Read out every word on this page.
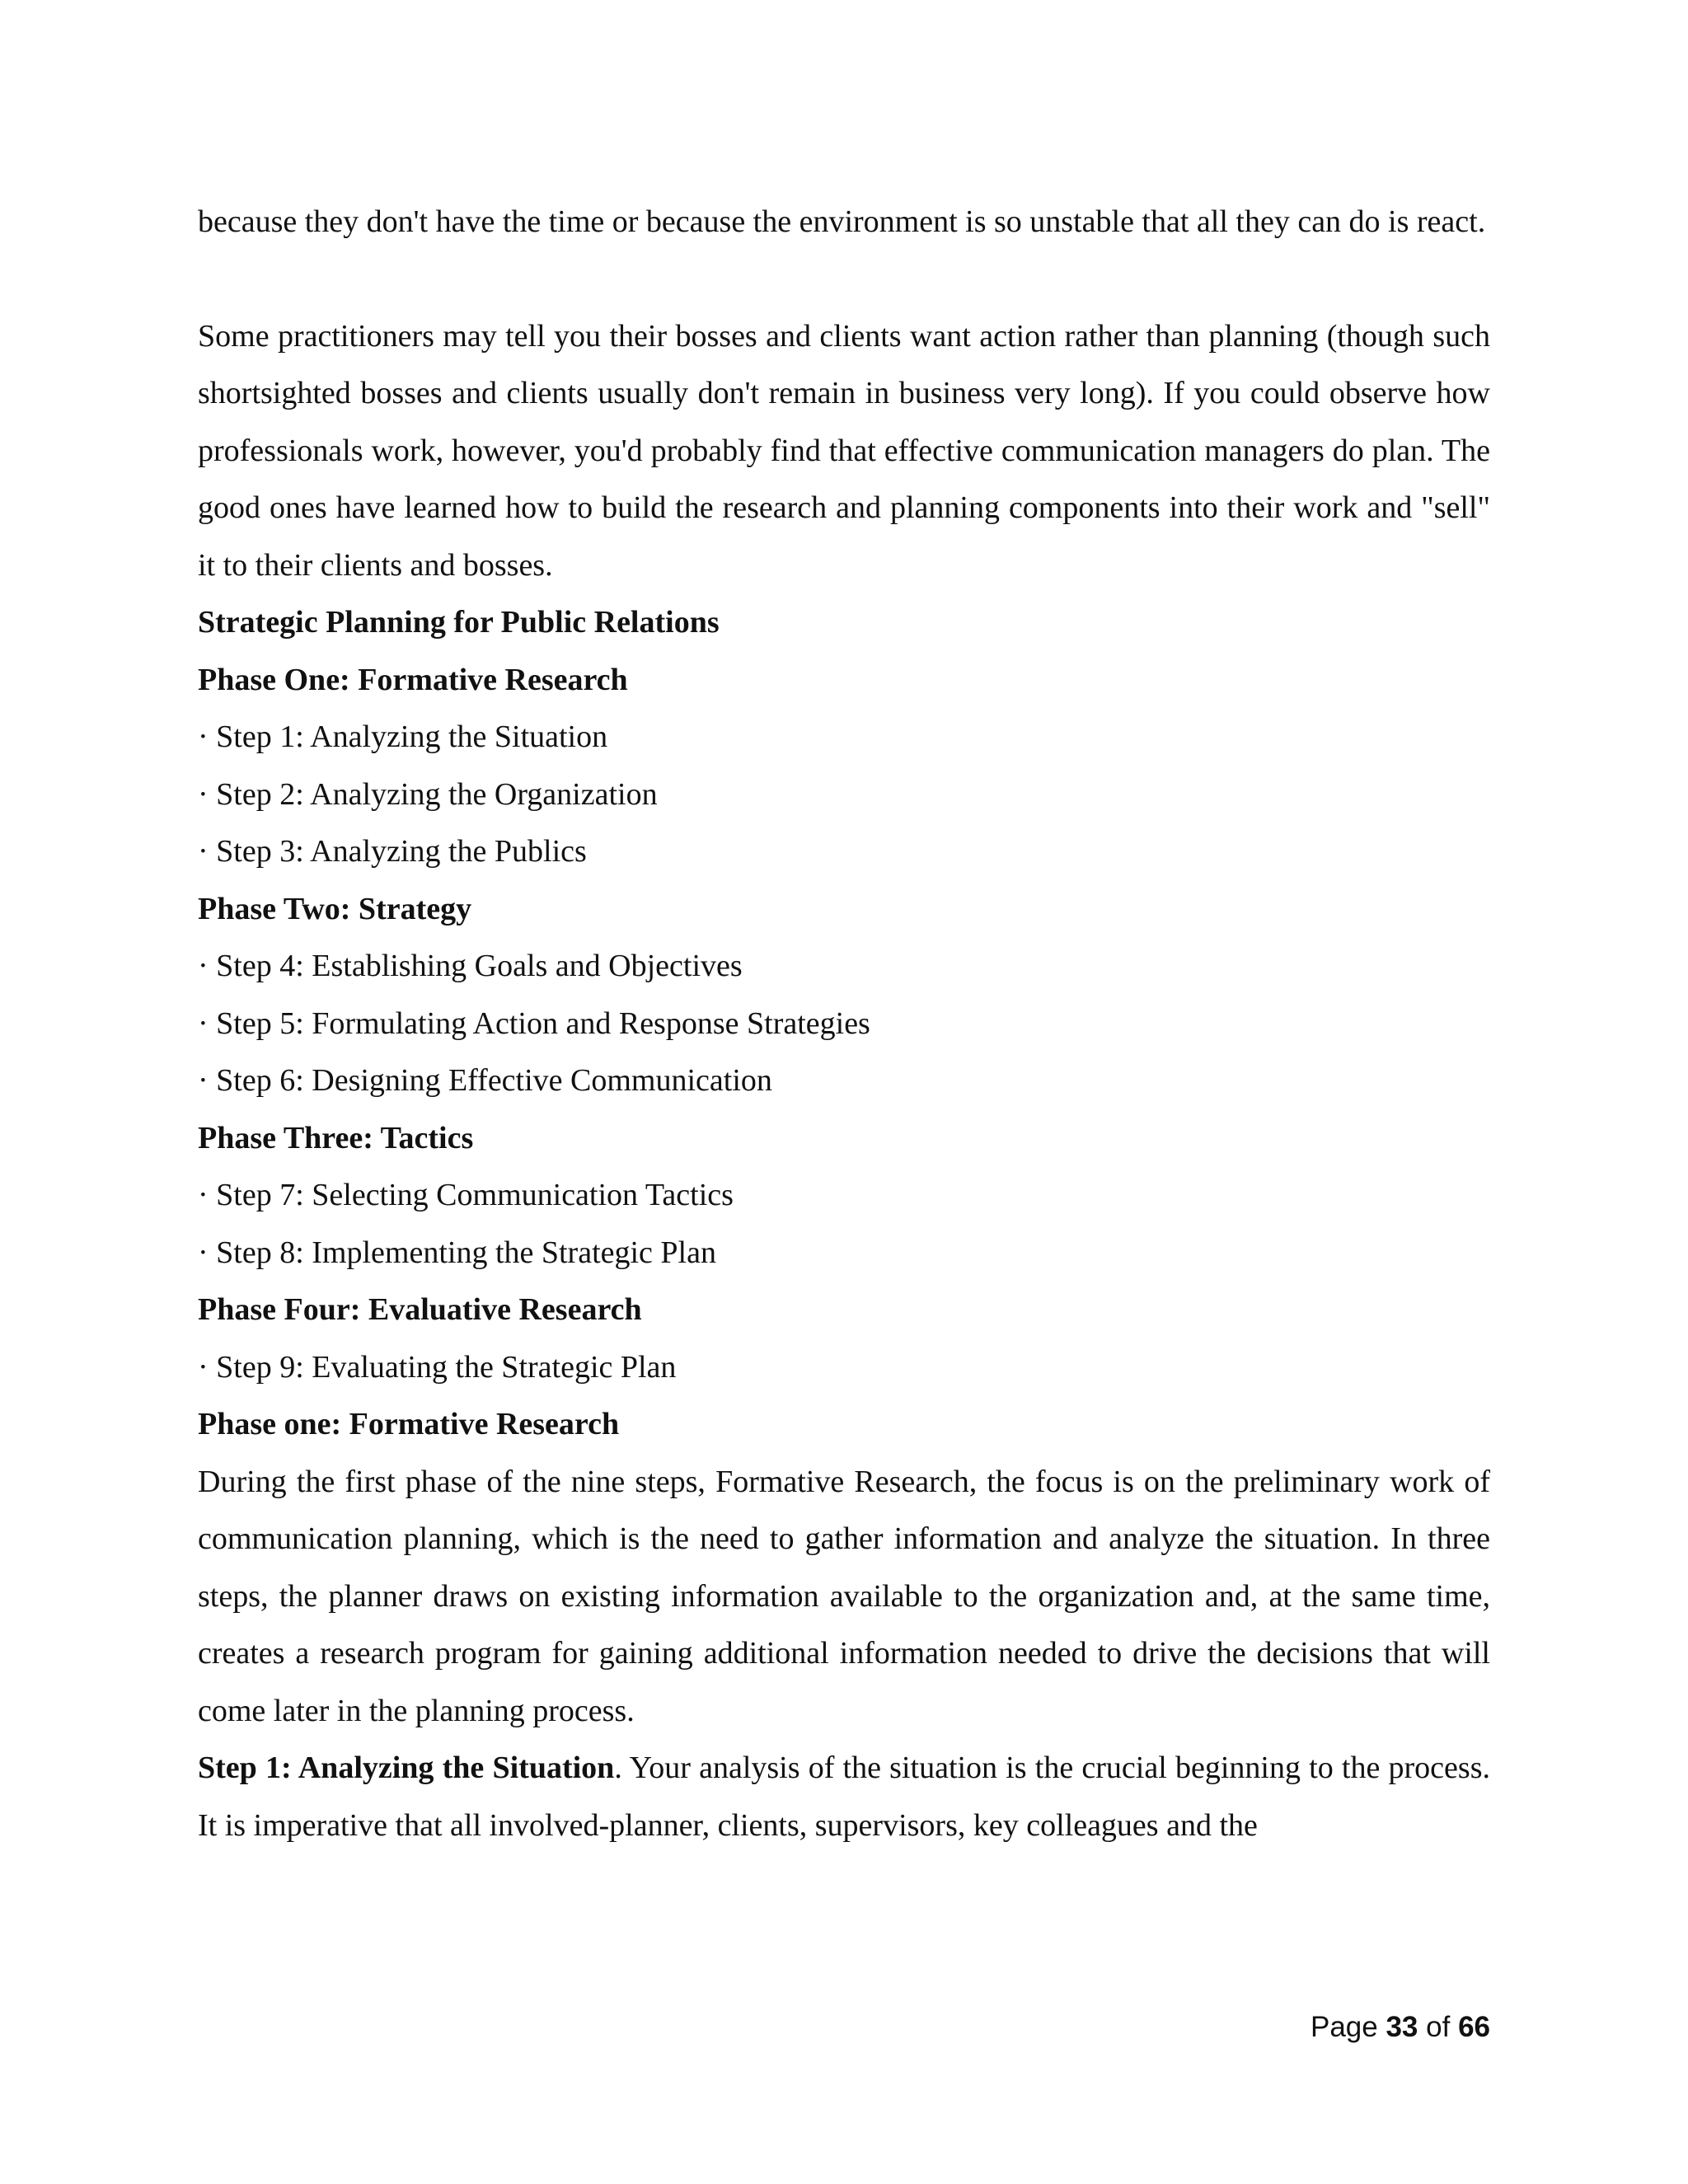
because they don't have the time or because the environment is so unstable that all they can do is react.

Some practitioners may tell you their bosses and clients want action rather than planning (though such shortsighted bosses and clients usually don't remain in business very long). If you could observe how professionals work, however, you'd probably find that effective communication managers do plan. The good ones have learned how to build the research and planning components into their work and "sell" it to their clients and bosses.

Strategic Planning for Public Relations

Phase One: Formative Research

· Step 1: Analyzing the Situation

· Step 2: Analyzing the Organization

· Step 3: Analyzing the Publics

Phase Two: Strategy

· Step 4: Establishing Goals and Objectives

· Step 5: Formulating Action and Response Strategies

· Step 6: Designing Effective Communication

Phase Three: Tactics

· Step 7: Selecting Communication Tactics

· Step 8: Implementing the Strategic Plan

Phase Four: Evaluative Research

· Step 9: Evaluating the Strategic Plan

Phase one: Formative Research

During the first phase of the nine steps, Formative Research, the focus is on the preliminary work of communication planning, which is the need to gather information and analyze the situation. In three steps, the planner draws on existing information available to the organization and, at the same time, creates a research program for gaining additional information needed to drive the decisions that will come later in the planning process.

Step 1: Analyzing the Situation. Your analysis of the situation is the crucial beginning to the process. It is imperative that all involved-planner, clients, supervisors, key colleagues and the

Page 33 of 66
